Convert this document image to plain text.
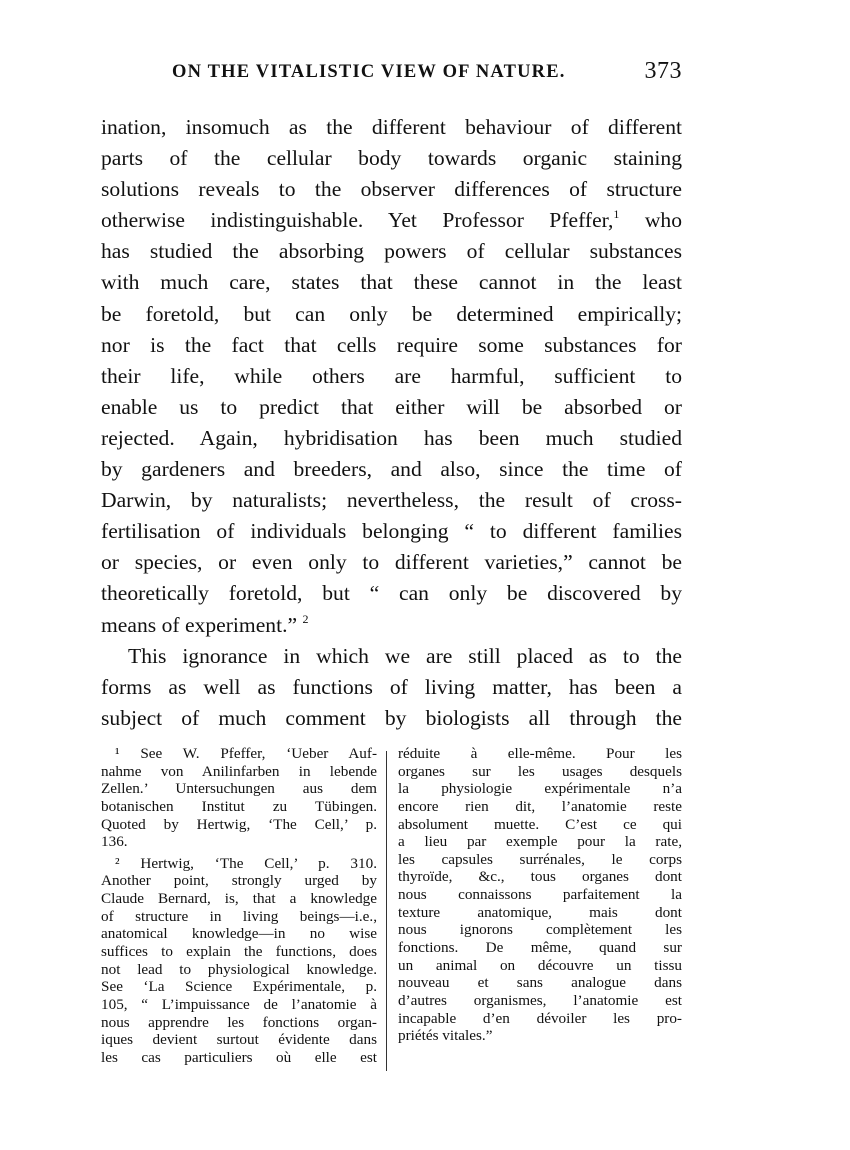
ON THE VITALISTIC VIEW OF NATURE.	373
ination, insomuch as the different behaviour of different
parts of the cellular body towards organic staining
solutions reveals to the observer differences of structure
otherwise indistinguishable. Yet Professor Pfeffer,$^1$ who
has studied the absorbing powers of cellular substances
with much care, states that these cannot in the least
be foretold, but can only be determined empirically;
nor is the fact that cells require some substances for
their life, while others are harmful, sufficient to
enable us to predict that either will be absorbed or
rejected. Again, hybridisation has been much studied
by gardeners and breeders, and also, since the time of
Darwin, by naturalists; nevertheless, the result of cross-
fertilisation of individuals belonging “ to different families
or species, or even only to different varieties,” cannot be
theoretically foretold, but “ can only be discovered by
means of experiment.” $^2$
This ignorance in which we are still placed as to the
forms as well as functions of living matter, has been a
subject of much comment by biologists all through the
¹ See W. Pfeffer, ‘Ueber Auf-
nahme von Anilinfarben in lebende
Zellen.’ Untersuchungen aus dem
botanischen Institut zu Tübingen.
Quoted by Hertwig, ‘The Cell,’ p.
136.
² Hertwig, ‘The Cell,’ p. 310.
Another point, strongly urged by
Claude Bernard, is, that a knowledge
of structure in living beings—i.e.,
anatomical knowledge—in no wise
suffices to explain the functions, does
not lead to physiological knowledge.
See ‘La Science Expérimentale, p.
105, “ L’impuissance de l’anatomie à
nous apprendre les fonctions organ-
iques devient surtout évidente dans
les cas particuliers où elle est
réduite à elle-même. Pour les
organes sur les usages desquels
la physiologie expérimentale n’a
encore rien dit, l’anatomie reste
absolument muette. C’est ce qui
a lieu par exemple pour la rate,
les capsules surrénales, le corps
thyroïde, &c., tous organes dont
nous connaissons parfaitement la
texture anatomique, mais dont
nous ignorons complètement les
fonctions. De même, quand sur
un animal on découvre un tissu
nouveau et sans analogue dans
d’autres organismes, l’anatomie est
incapable d’en dévoiler les pro-
priétés vitales.”
